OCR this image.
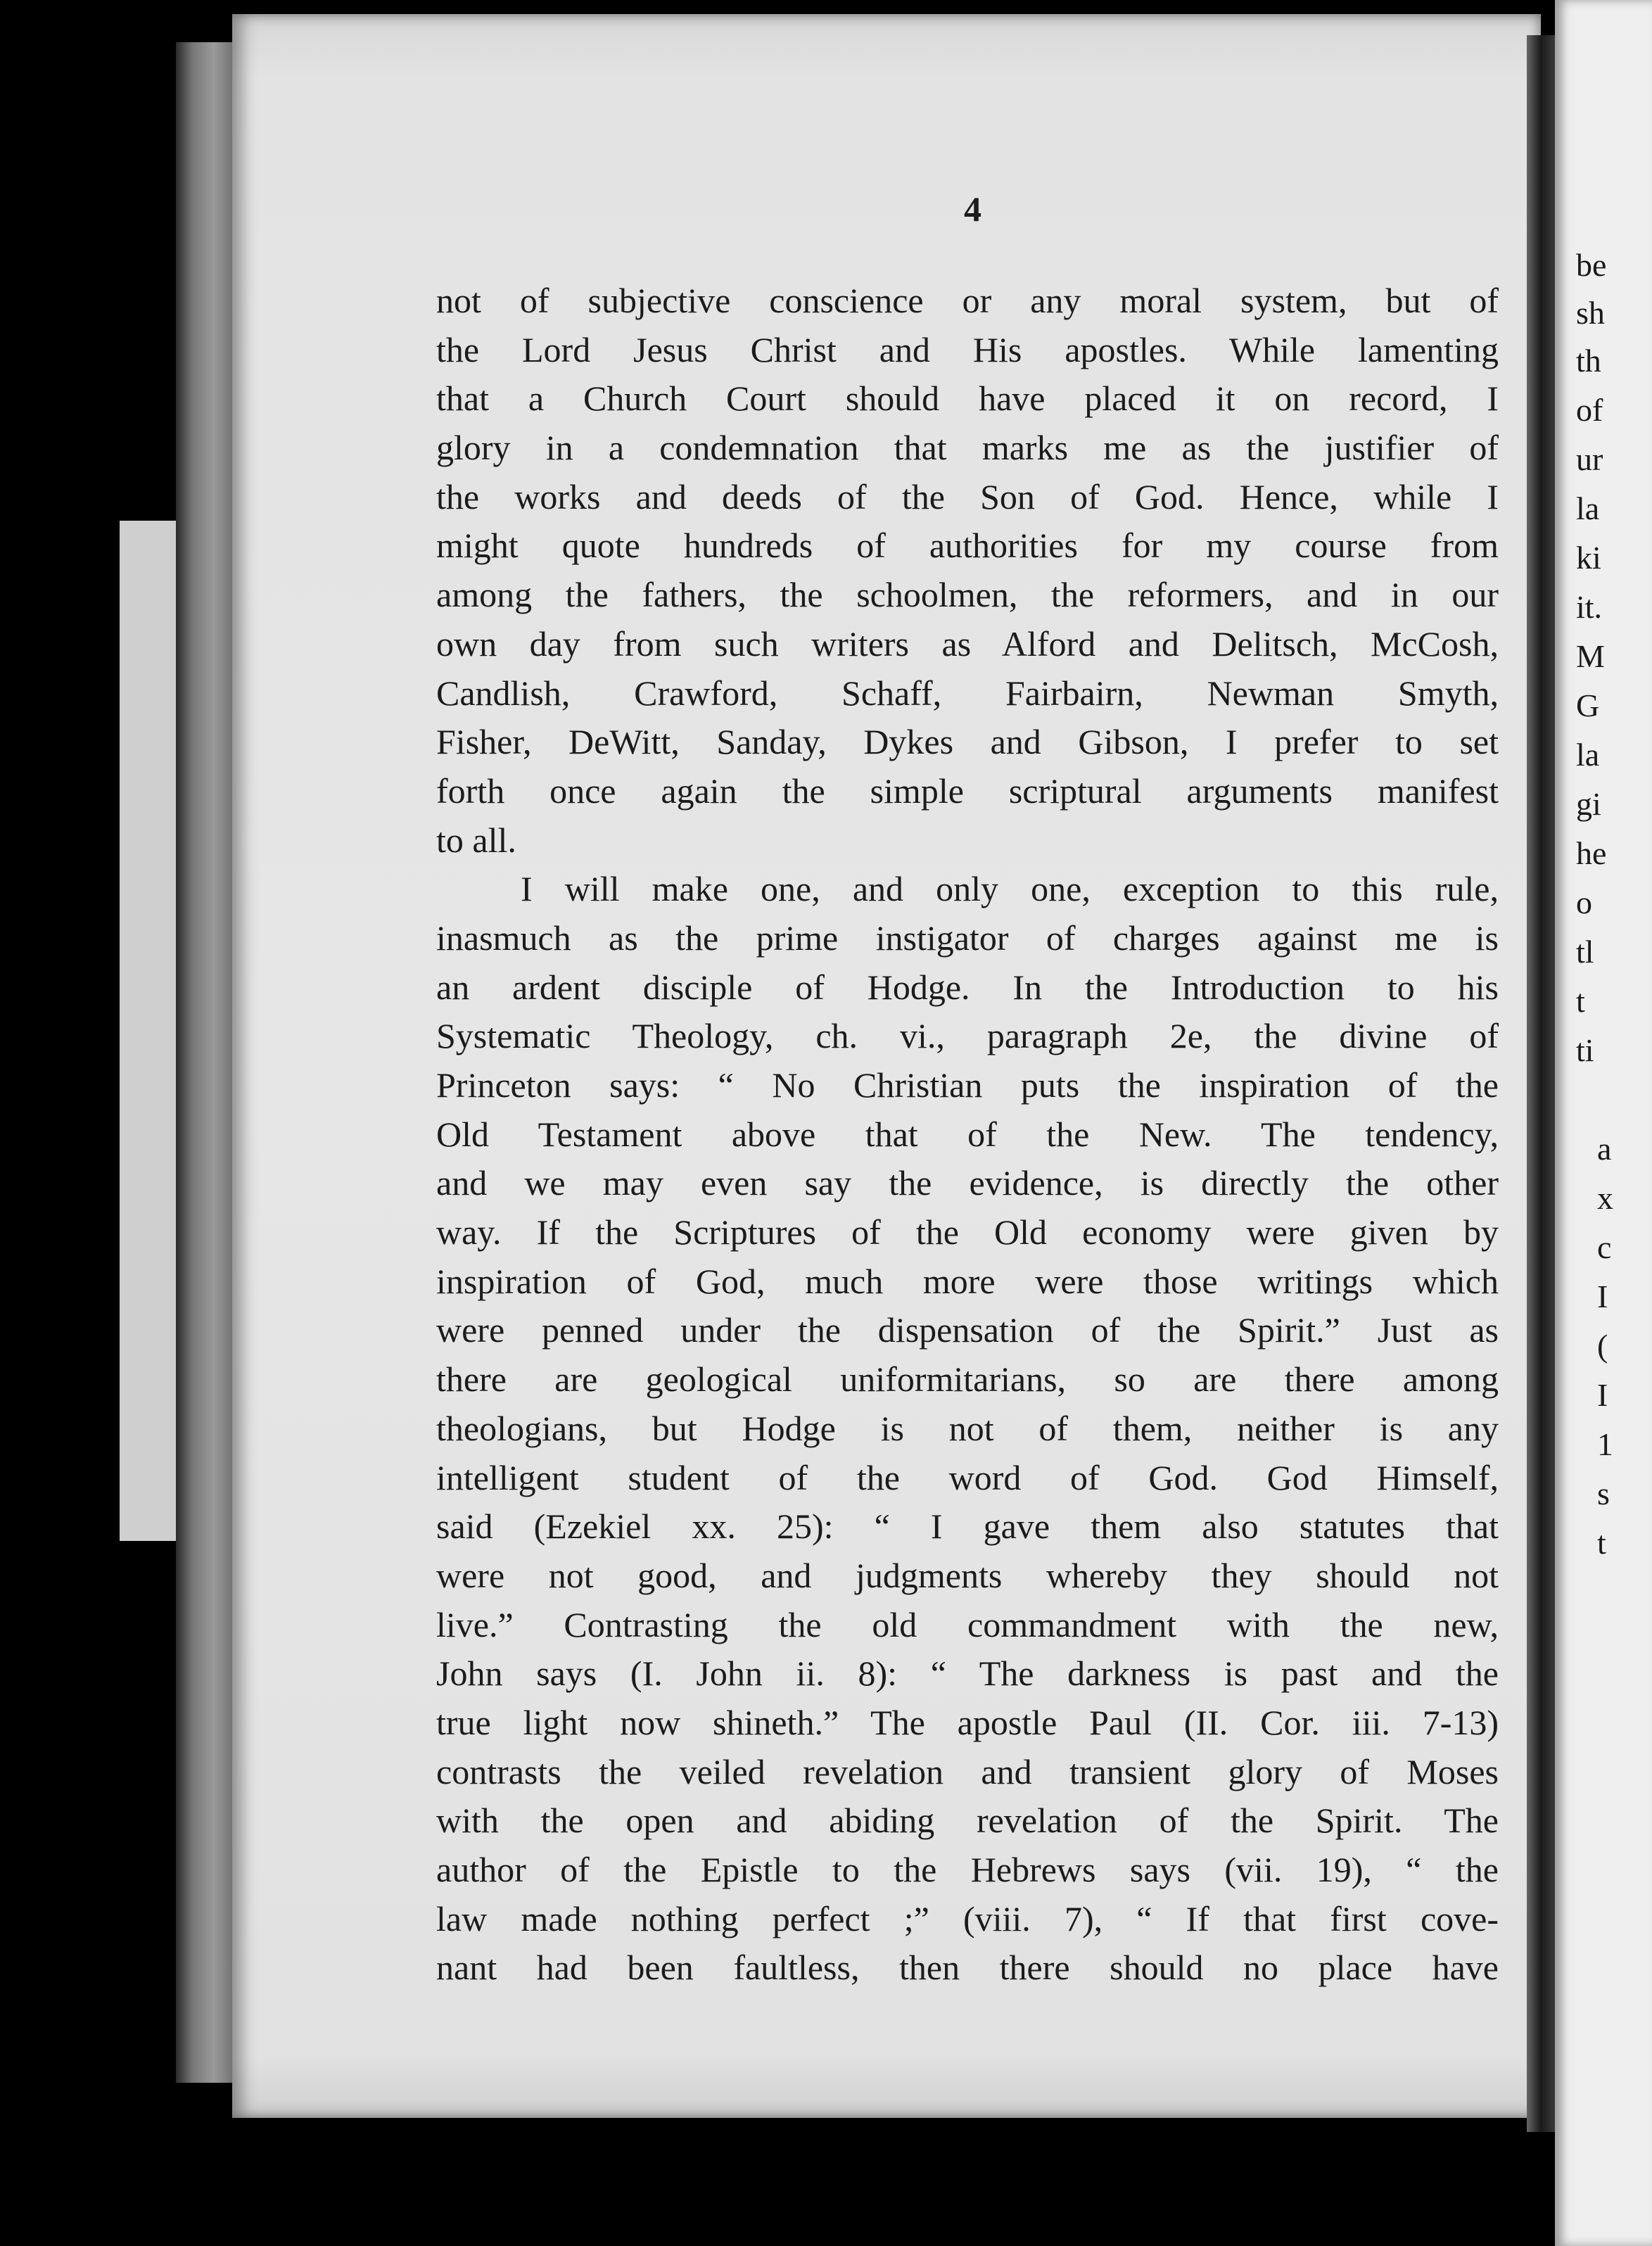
4
not of subjective conscience or any moral system, but of
the Lord Jesus Christ and His apostles. While lamenting
that a Church Court should have placed it on record, I
glory in a condemnation that marks me as the justifier of
the works and deeds of the Son of God. Hence, while I
might quote hundreds of authorities for my course from
among the fathers, the schoolmen, the reformers, and in our
own day from such writers as Alford and Delitsch, McCosh,
Candlish, Crawford, Schaff, Fairbairn, Newman Smyth,
Fisher, DeWitt, Sanday, Dykes and Gibson, I prefer to set
forth once again the simple scriptural arguments manifest
to all.
I will make one, and only one, exception to this rule,
inasmuch as the prime instigator of charges against me is
an ardent disciple of Hodge. In the Introduction to his
Systematic Theology, ch. vi., paragraph 2e, the divine of
Princeton says: “ No Christian puts the inspiration of the
Old Testament above that of the New. The tendency,
and we may even say the evidence, is directly the other
way. If the Scriptures of the Old economy were given by
inspiration of God, much more were those writings which
were penned under the dispensation of the Spirit.” Just as
there are geological uniformitarians, so are there among
theologians, but Hodge is not of them, neither is any
intelligent student of the word of God. God Himself,
said (Ezekiel xx. 25): “ I gave them also statutes that
were not good, and judgments whereby they should not
live.” Contrasting the old commandment with the new,
John says (I. John ii. 8): “ The darkness is past and the
true light now shineth.” The apostle Paul (II. Cor. iii. 7-13)
contrasts the veiled revelation and transient glory of Moses
with the open and abiding revelation of the Spirit. The
author of the Epistle to the Hebrews says (vii. 19), “ the
law made nothing perfect ;” (viii. 7), “ If that first cove-
nant had been faultless, then there should no place have
be
sh
th
of
ur
la
ki
it.
M
G
la
gi
he
o
tl
t
ti
a
x
c
I
(
I
1
s
t
